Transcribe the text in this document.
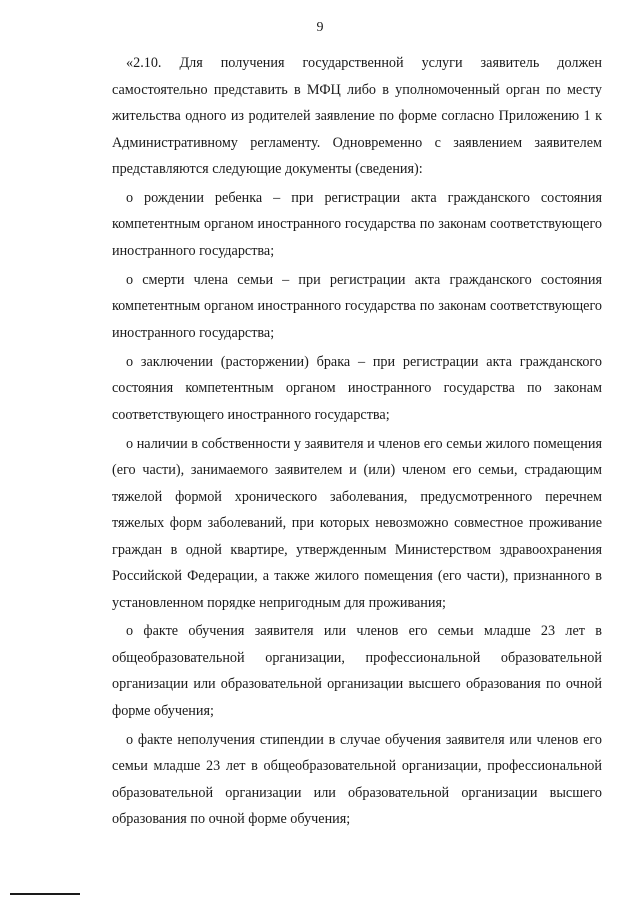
9

«2.10. Для получения государственной услуги заявитель должен самостоятельно представить в МФЦ либо в уполномоченный орган по месту жительства одного из родителей заявление по форме согласно Приложению 1 к Административному регламенту. Одновременно с заявлением заявителем представляются следующие документы (сведения):

о рождении ребенка – при регистрации акта гражданского состояния компетентным органом иностранного государства по законам соответствующего иностранного государства;

о смерти члена семьи – при регистрации акта гражданского состояния компетентным органом иностранного государства по законам соответствующего иностранного государства;

о заключении (расторжении) брака – при регистрации акта гражданского состояния компетентным органом иностранного государства по законам соответствующего иностранного государства;

о наличии в собственности у заявителя и членов его семьи жилого помещения (его части), занимаемого заявителем и (или) членом его семьи, страдающим тяжелой формой хронического заболевания, предусмотренного перечнем тяжелых форм заболеваний, при которых невозможно совместное проживание граждан в одной квартире, утвержденным Министерством здравоохранения Российской Федерации, а также жилого помещения (его части), признанного в установленном порядке непригодным для проживания;

о факте обучения заявителя или членов его семьи младше 23 лет в общеобразовательной организации, профессиональной образовательной организации или образовательной организации высшего образования по очной форме обучения;

о факте неполучения стипендии в случае обучения заявителя или членов его семьи младше 23 лет в общеобразовательной организации, профессиональной образовательной организации или образовательной организации высшего образования по очной форме обучения;
